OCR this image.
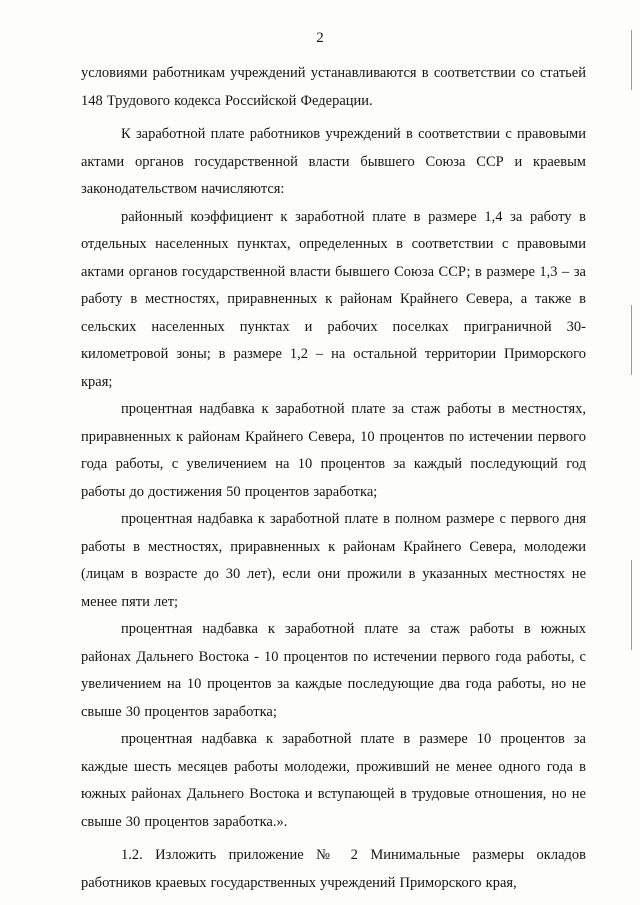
2

условиями работникам учреждений устанавливаются в соответствии со статьей 148 Трудового кодекса Российской Федерации.

К заработной плате работников учреждений в соответствии с правовыми актами органов государственной власти бывшего Союза ССР и краевым законодательством начисляются:

районный коэффициент к заработной плате в размере 1,4 за работу в отдельных населенных пунктах, определенных в соответствии с правовыми актами органов государственной власти бывшего Союза ССР; в размере 1,3 – за работу в местностях, приравненных к районам Крайнего Севера, а также в сельских населенных пунктах и рабочих поселках приграничной 30-километровой зоны; в размере 1,2 – на остальной территории Приморского края;

процентная надбавка к заработной плате за стаж работы в местностях, приравненных к районам Крайнего Севера, 10 процентов по истечении первого года работы, с увеличением на 10 процентов за каждый последующий год работы до достижения 50 процентов заработка;

процентная надбавка к заработной плате в полном размере с первого дня работы в местностях, приравненных к районам Крайнего Севера, молодежи (лицам в возрасте до 30 лет), если они прожили в указанных местностях не менее пяти лет;

процентная надбавка к заработной плате за стаж работы в южных районах Дальнего Востока - 10 процентов по истечении первого года работы, с увеличением на 10 процентов за каждые последующие два года работы, но не свыше 30 процентов заработка;

процентная надбавка к заработной плате в размере 10 процентов за каждые шесть месяцев работы молодежи, проживший не менее одного года в южных районах Дальнего Востока и вступающей в трудовые отношения, но не свыше 30 процентов заработка.».

1.2. Изложить приложение № 2 Минимальные размеры окладов работников краевых государственных учреждений Приморского края,
